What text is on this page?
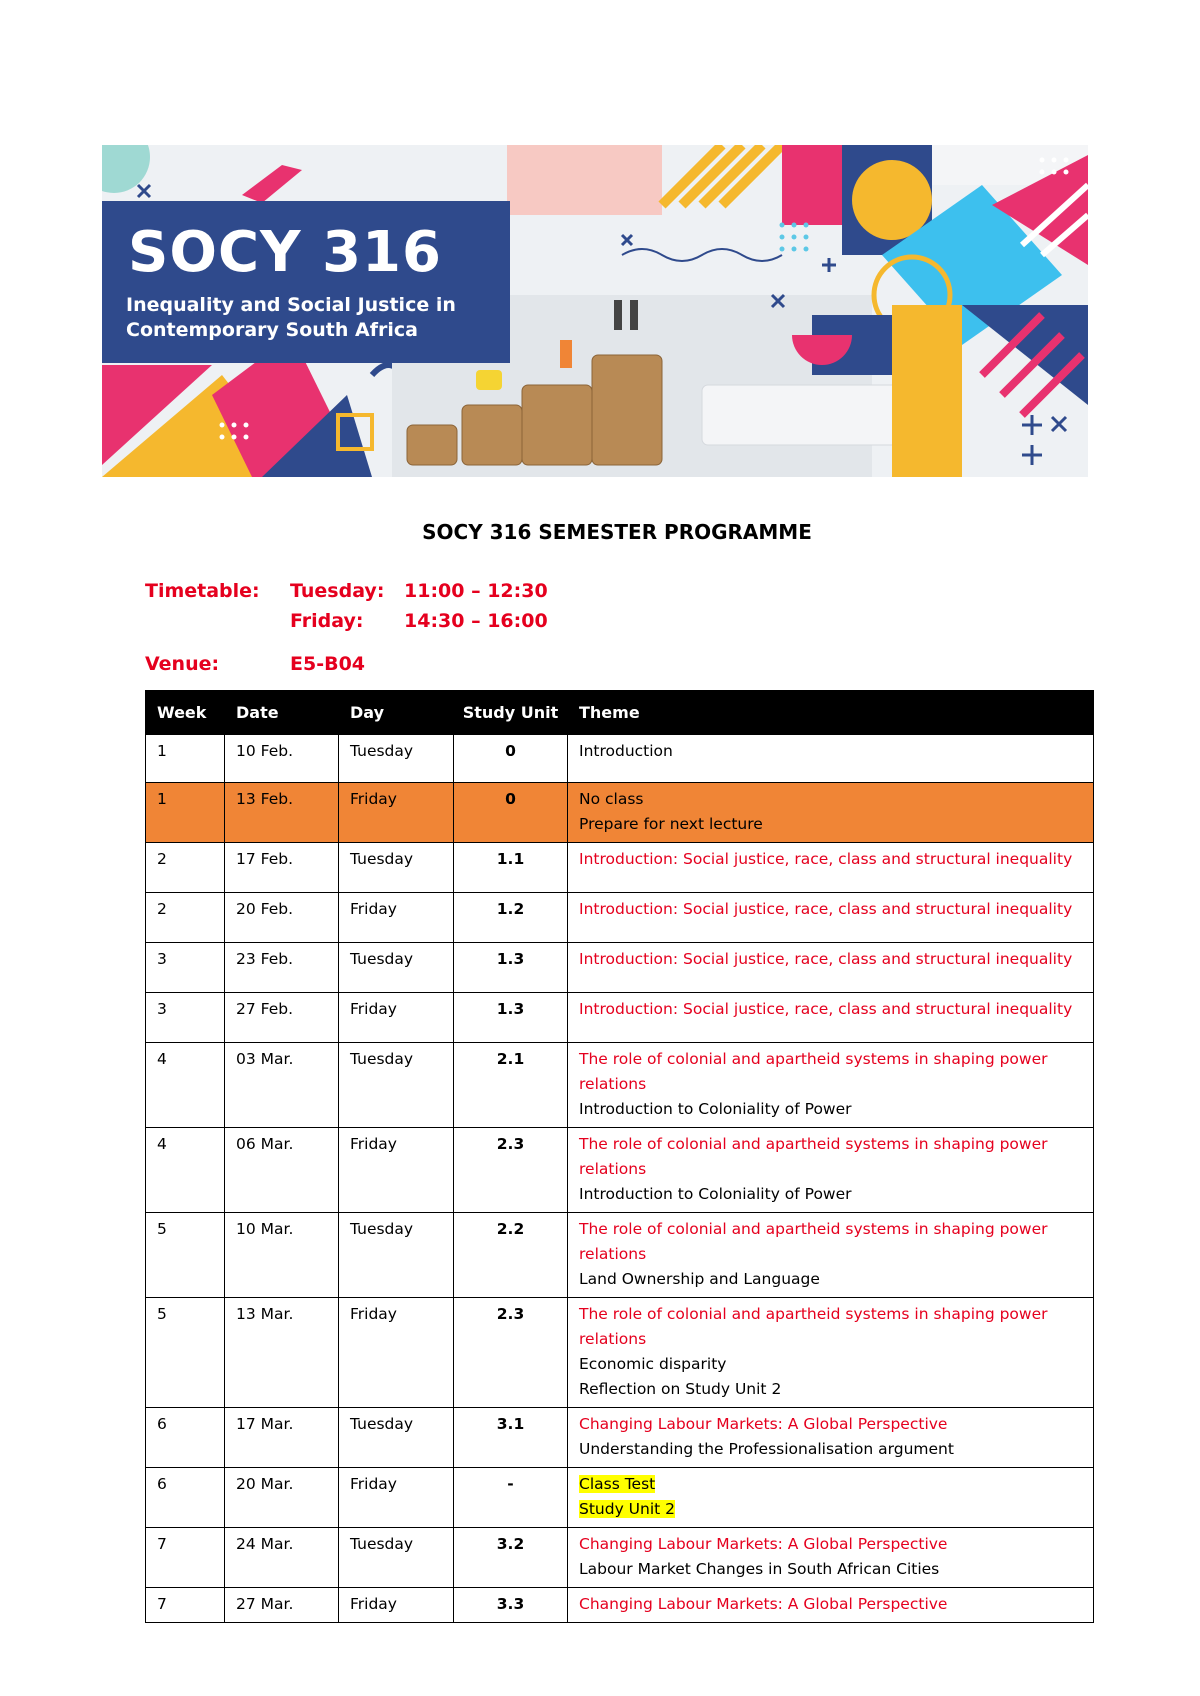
SOCY 316

Inequality and Social Justice in Contemporary South Africa

SOCY 316 SEMESTER PROGRAMME
Timetable: Tuesday: 11:00 – 12:30
Friday: 14:30 – 16:00
Venue:	E5-B04
Week	Date	Day	Study Unit	Theme
1	10 Feb.	Tuesday	0	Introduction

1	13 Feb.	Friday	0	No class
Prepare for next lecture

2	17 Feb.	Tuesday	1.1	Introduction: Social justice, race, class and structural inequality

2	20 Feb.	Friday	1.2	Introduction: Social justice, race, class and structural inequality

3	23 Feb.	Tuesday	1.3	Introduction: Social justice, race, class and structural inequality

3	27 Feb.	Friday	1.3	Introduction: Social justice, race, class and structural inequality

4	03 Mar.	Tuesday	2.1	The role of colonial and apartheid systems in shaping power relations
Introduction to Coloniality of Power

4	06 Mar.	Friday	2.3	The role of colonial and apartheid systems in shaping power relations
Introduction to Coloniality of Power

5	10 Mar.	Tuesday	2.2	The role of colonial and apartheid systems in shaping power relations
Land Ownership and Language

5	13 Mar.	Friday	2.3	The role of colonial and apartheid systems in shaping power relations
Economic disparity
Reflection on Study Unit 2

6	17 Mar.	Tuesday	3.1	Changing Labour Markets: A Global Perspective
Understanding the Professionalisation argument

6	20 Mar.	Friday	-	Class Test
Study Unit 2

7	24 Mar.	Tuesday	3.2	Changing Labour Markets: A Global Perspective
Labour Market Changes in South African Cities

7	27 Mar.	Friday	3.3	Changing Labour Markets: A Global Perspective
